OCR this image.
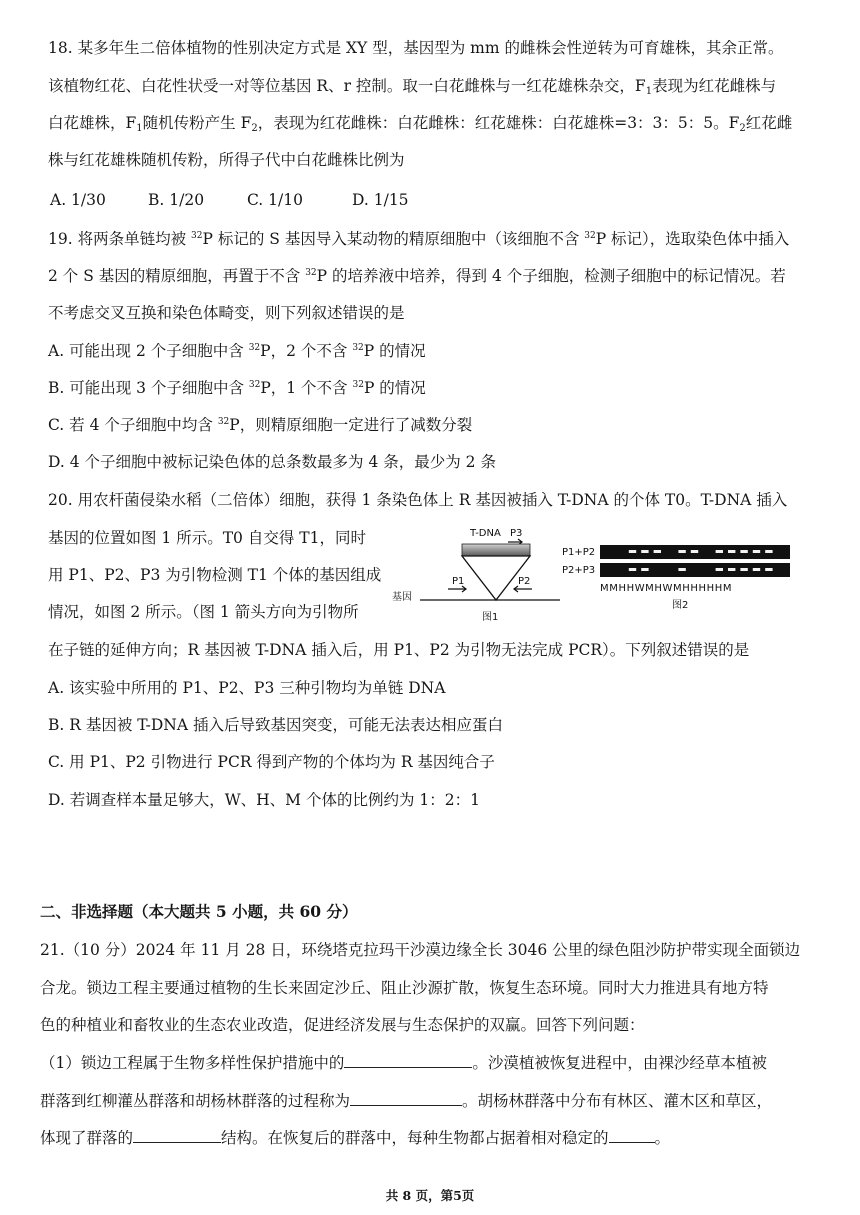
18. 某多年生二倍体植物的性别决定方式是 XY 型，基因型为 mm 的雌株会性逆转为可育雄株，其余正常。
该植物红花、白花性状受一对等位基因 R、r 控制。取一白花雌株与一红花雄株杂交，$F_1$表现为红花雌株与
白花雄株，$F_1$随机传粉产生 $F_2$，表现为红花雌株：白花雌株：红花雄株：白花雄株=3：3：5：5。$F_2$红花雌
株与红花雄株随机传粉，所得子代中白花雌株比例为
A. 1/30	B. 1/20	C. 1/10	D. 1/15
19. 将两条单链均被 $^{32}$P 标记的 S 基因导入某动物的精原细胞中（该细胞不含 $^{32}$P 标记），选取染色体中插入
2 个 S 基因的精原细胞，再置于不含 $^{32}$P 的培养液中培养，得到 4 个子细胞，检测子细胞中的标记情况。若
不考虑交叉互换和染色体畸变，则下列叙述错误的是
A. 可能出现 2 个子细胞中含 $^{32}$P，2 个不含 $^{32}$P 的情况
B. 可能出现 3 个子细胞中含 $^{32}$P，1 个不含 $^{32}$P 的情况
C. 若 4 个子细胞中均含 $^{32}$P，则精原细胞一定进行了减数分裂
D. 4 个子细胞中被标记染色体的总条数最多为 4 条，最少为 2 条
20. 用农杆菌侵染水稻（二倍体）细胞，获得 1 条染色体上 R 基因被插入 T-DNA 的个体 T0。T-DNA 插入
基因的位置如图 1 所示。T0 自交得 T1，同时
用 P1、P2、P3 为引物检测 T1 个体的基因组成
情况，如图 2 所示。（图 1 箭头方向为引物所
在子链的延伸方向；R 基因被 T-DNA 插入后，用 P1、P2 为引物无法完成 PCR）。下列叙述错误的是
T-DNA P3
P1	P2
基因
图1
P1+P2
P2+P3
MMHHWMHWMHHHHHM
图2
A. 该实验中所用的 P1、P2、P3 三种引物均为单链 DNA
B. R 基因被 T-DNA 插入后导致基因突变，可能无法表达相应蛋白
C. 用 P1、P2 引物进行 PCR 得到产物的个体均为 R 基因纯合子
D. 若调查样本量足够大，W、H、M 个体的比例约为 1：2：1
二、非选择题（本大题共 5 小题，共 60 分）
21.（10 分）2024 年 11 月 28 日，环绕塔克拉玛干沙漠边缘全长 3046 公里的绿色阻沙防护带实现全面锁边
合龙。锁边工程主要通过植物的生长来固定沙丘、阻止沙源扩散，恢复生态环境。同时大力推进具有地方特
色的种植业和畜牧业的生态农业改造，促进经济发展与生态保护的双赢。回答下列问题：
（1）锁边工程属于生物多样性保护措施中的	。沙漠植被恢复进程中，由裸沙经草本植被
群落到红柳灌丛群落和胡杨林群落的过程称为	。胡杨林群落中分布有林区、灌木区和草区，
体现了群落的	结构。在恢复后的群落中，每种生物都占据着相对稳定的	。
共 8 页，第5页
